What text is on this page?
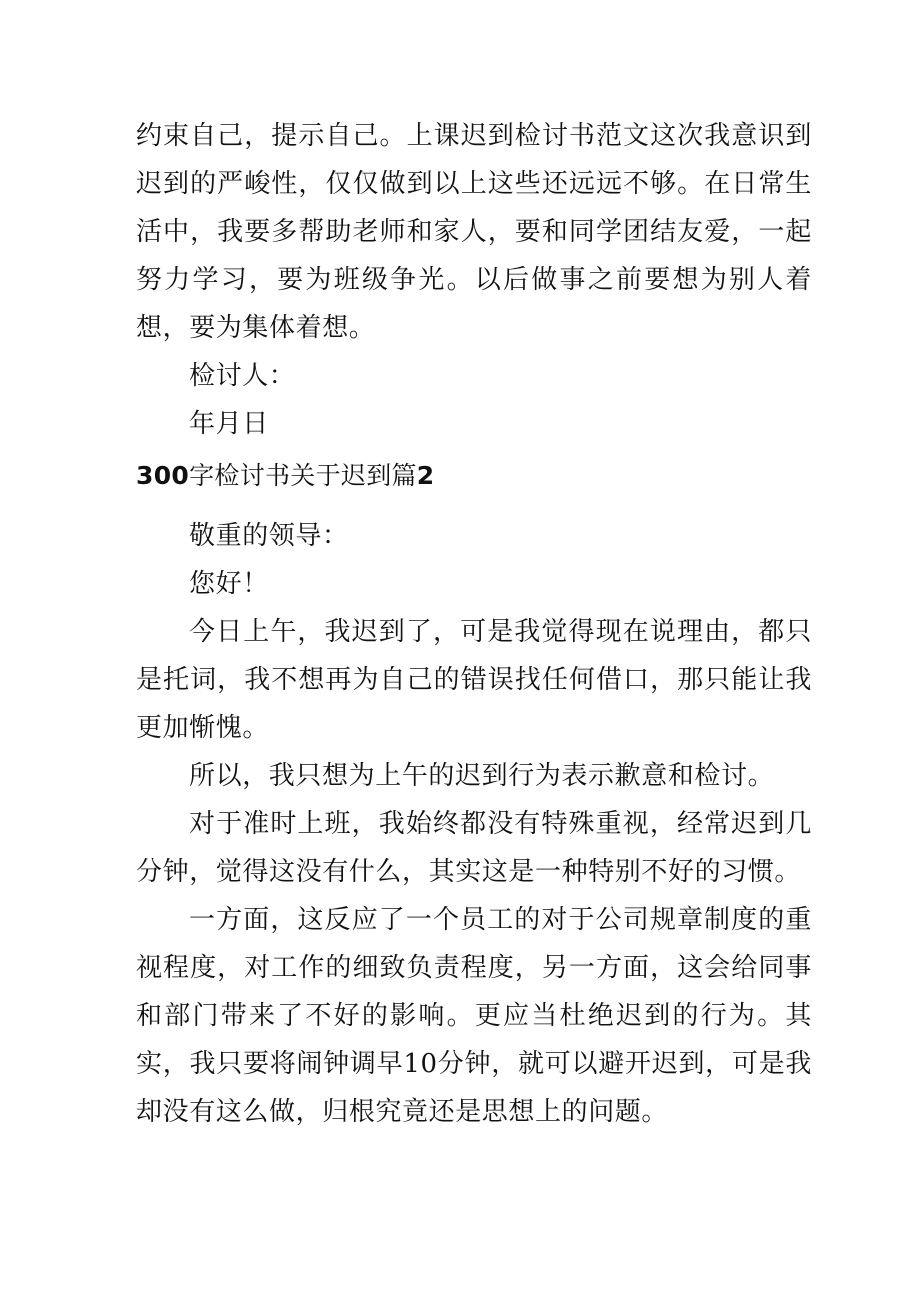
约束自己，提示自己。上课迟到检讨书范文这次我意识到迟到的严峻性，仅仅做到以上这些还远远不够。在日常生活中，我要多帮助老师和家人，要和同学团结友爱，一起努力学习，要为班级争光。以后做事之前要想为别人着想，要为集体着想。

检讨人：

年月日

300字检讨书关于迟到篇2

敬重的领导：

您好！

今日上午，我迟到了，可是我觉得现在说理由，都只是托词，我不想再为自己的错误找任何借口，那只能让我更加惭愧。

所以，我只想为上午的迟到行为表示歉意和检讨。

对于准时上班，我始终都没有特殊重视，经常迟到几分钟，觉得这没有什么，其实这是一种特别不好的习惯。

一方面，这反应了一个员工的对于公司规章制度的重视程度，对工作的细致负责程度，另一方面，这会给同事和部门带来了不好的影响。更应当杜绝迟到的行为。其实，我只要将闹钟调早10分钟，就可以避开迟到，可是我却没有这么做，归根究竟还是思想上的问题。
